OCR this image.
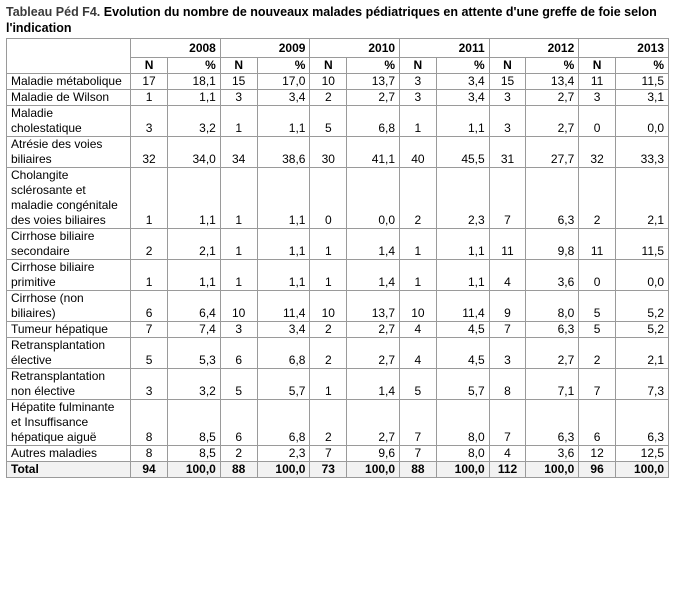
Tableau Péd F4. Evolution du nombre de nouveaux malades pédiatriques en attente d'une greffe de foie selon l'indication
	2008		2009		2010		2011		2012		2013	
	N	%	N	%	N	%	N	%	N	%	N	%
Maladie métabolique	17	18,1	15	17,0	10	13,7	3	3,4	15	13,4	11	11,5
Maladie de Wilson	1	1,1	3	3,4	2	2,7	3	3,4	3	2,7	3	3,1
Maladie cholestatique	3	3,2	1	1,1	5	6,8	1	1,1	3	2,7	0	0,0
Atrésie des voies biliaires	32	34,0	34	38,6	30	41,1	40	45,5	31	27,7	32	33,3
Cholangite sclérosante et maladie congénitale des voies biliaires	1	1,1	1	1,1	0	0,0	2	2,3	7	6,3	2	2,1
Cirrhose biliaire secondaire	2	2,1	1	1,1	1	1,4	1	1,1	11	9,8	11	11,5
Cirrhose biliaire primitive	1	1,1	1	1,1	1	1,4	1	1,1	4	3,6	0	0,0
Cirrhose (non biliaires)	6	6,4	10	11,4	10	13,7	10	11,4	9	8,0	5	5,2
Tumeur hépatique	7	7,4	3	3,4	2	2,7	4	4,5	7	6,3	5	5,2
Retransplantation élective	5	5,3	6	6,8	2	2,7	4	4,5	3	2,7	2	2,1
Retransplantation non élective	3	3,2	5	5,7	1	1,4	5	5,7	8	7,1	7	7,3
Hépatite fulminante et Insuffisance hépatique aiguë	8	8,5	6	6,8	2	2,7	7	8,0	7	6,3	6	6,3
Autres maladies	8	8,5	2	2,3	7	9,6	7	8,0	4	3,6	12	12,5
Total	94	100,0	88	100,0	73	100,0	88	100,0	112	100,0	96	100,0
